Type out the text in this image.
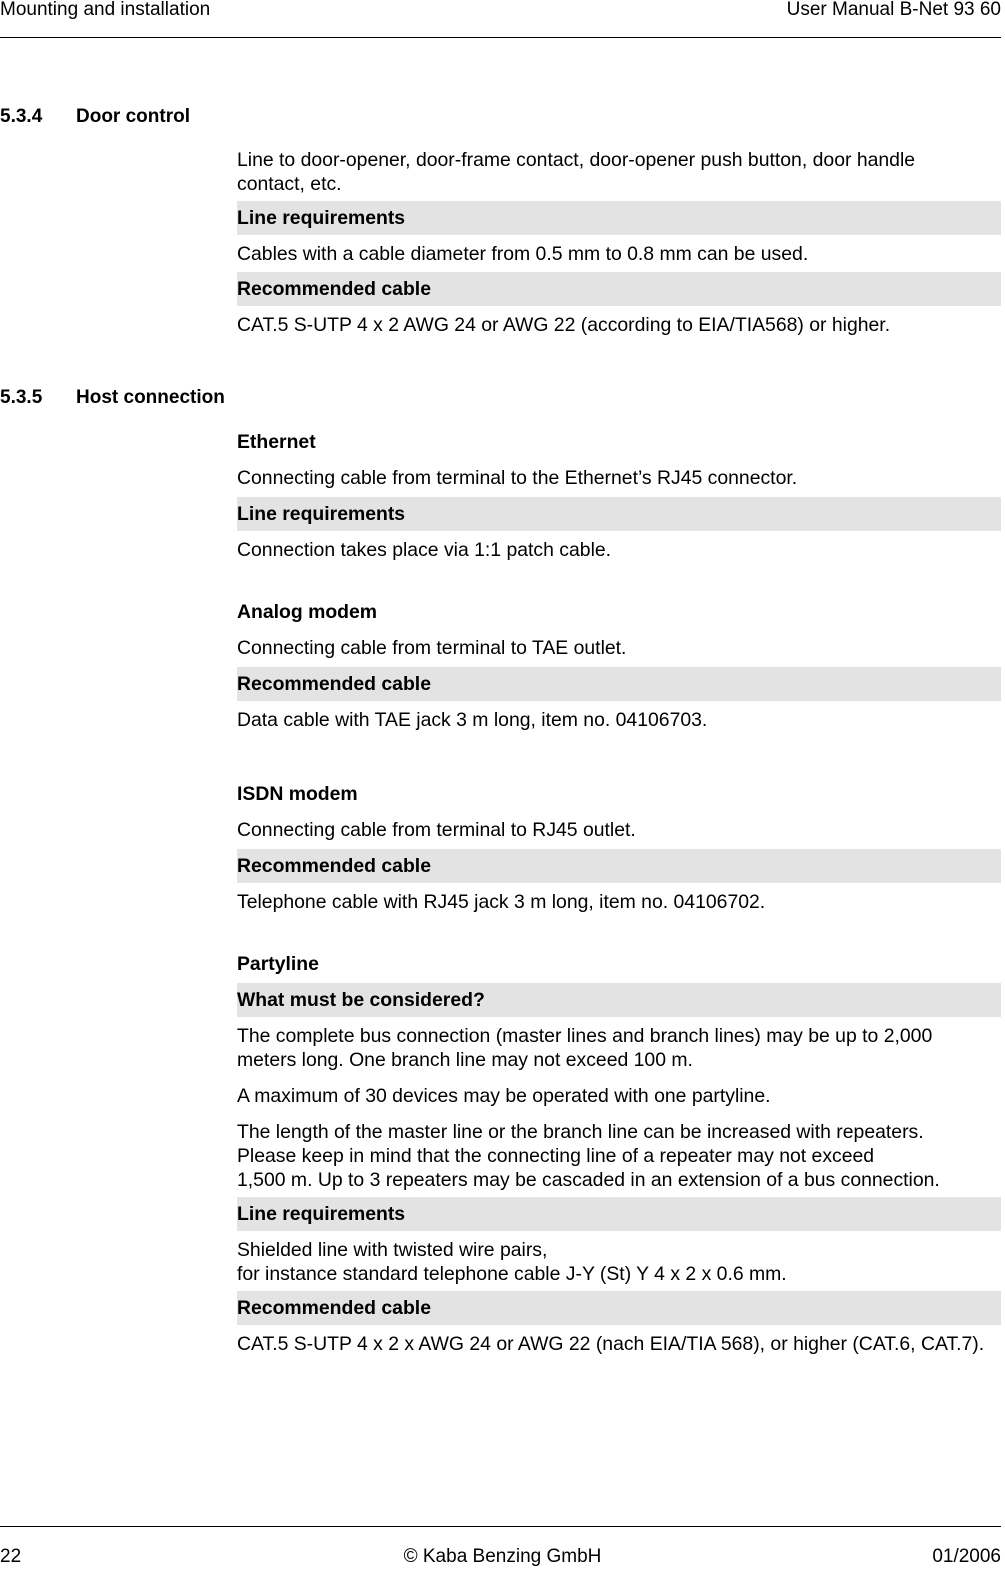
Mounting and installation	User Manual B-Net 93 60
5.3.4 Door control
Line to door-opener, door-frame contact, door-opener push button, door handle contact, etc.
Line requirements
Cables with a cable diameter from 0.5 mm to 0.8 mm can be used.
Recommended cable
CAT.5 S-UTP 4 x 2 AWG 24 or AWG 22 (according to EIA/TIA568) or higher.
5.3.5 Host connection
Ethernet
Connecting cable from terminal to the Ethernet’s RJ45 connector.
Line requirements
Connection takes place via 1:1 patch cable.
Analog modem
Connecting cable from terminal to TAE outlet.
Recommended cable
Data cable with TAE jack 3 m long, item no. 04106703.
ISDN modem
Connecting cable from terminal to RJ45 outlet.
Recommended cable
Telephone cable with RJ45 jack 3 m long, item no. 04106702.
Partyline
What must be considered?
The complete bus connection (master lines and branch lines) may be up to 2,000 meters long. One branch line may not exceed 100 m.
A maximum of 30 devices may be operated with one partyline.
The length of the master line or the branch line can be increased with repeaters.
Please keep in mind that the connecting line of a repeater may not exceed
1,500 m. Up to 3 repeaters may be cascaded in an extension of a bus connection.
Line requirements
Shielded line with twisted wire pairs,
for instance standard telephone cable J-Y (St) Y 4 x 2 x 0.6 mm.
Recommended cable
CAT.5 S-UTP 4 x 2 x AWG 24 or AWG 22 (nach EIA/TIA 568), or higher (CAT.6, CAT.7).
22	© Kaba Benzing GmbH	01/2006
